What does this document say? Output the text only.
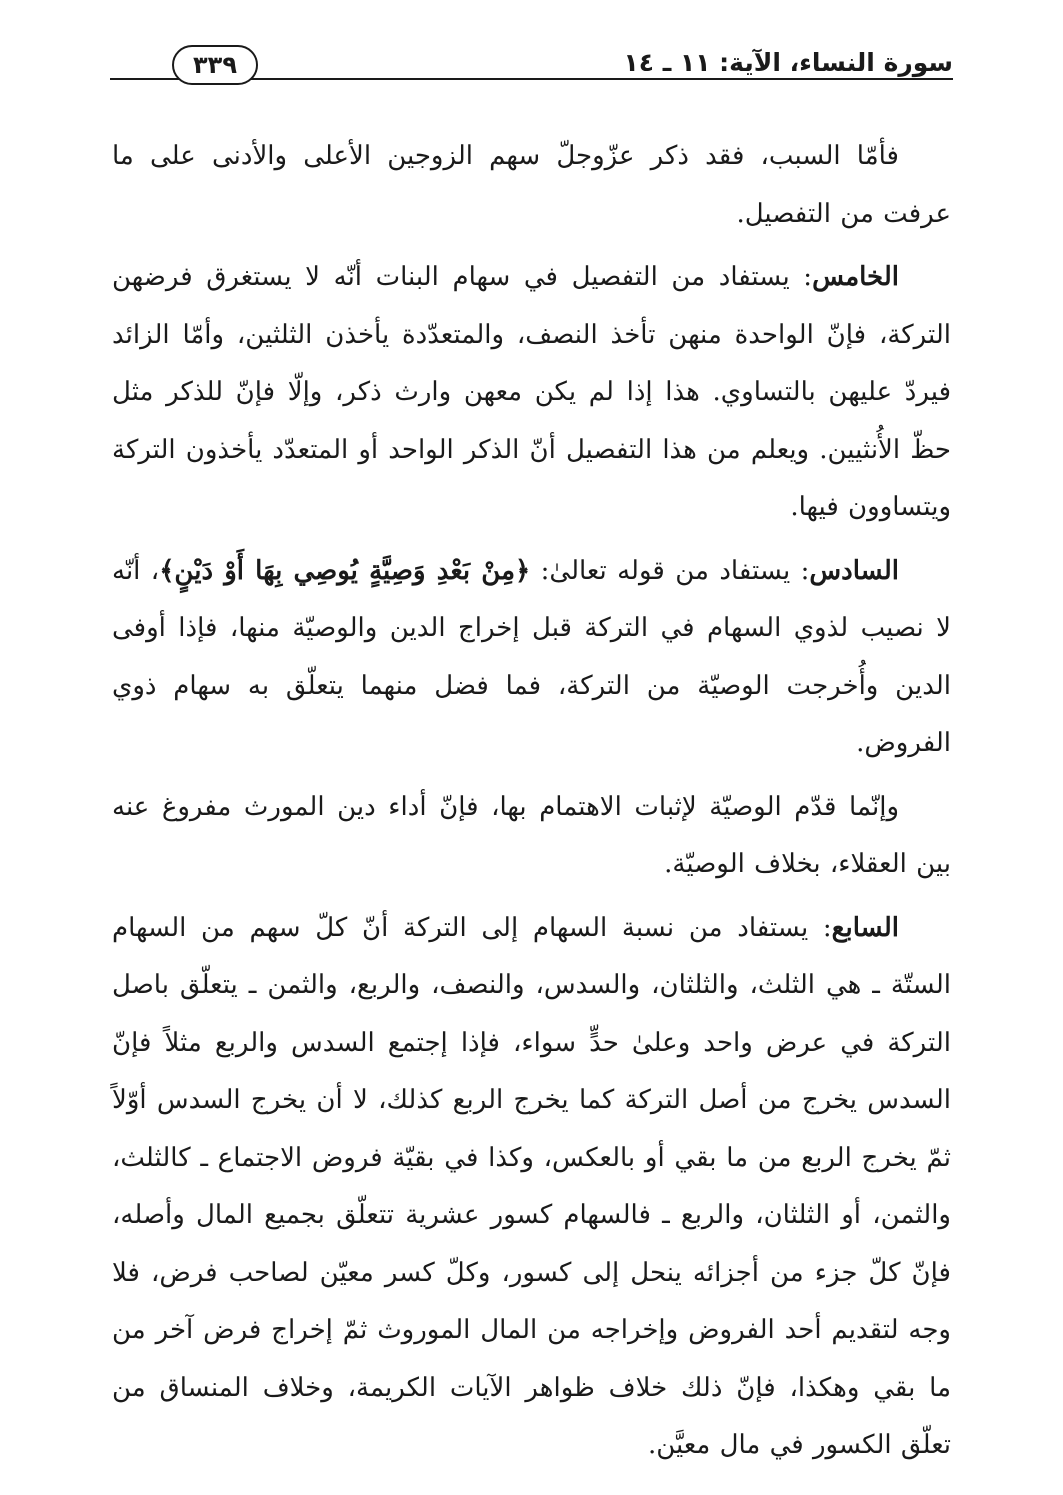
سورة النساء، الآية: ١١ ـ ١٤
٣٣٩

فأمّا السبب، فقد ذكر عزّوجلّ سهم الزوجين الأعلى والأدنى على ما عرفت من التفصيل.

الخامس: يستفاد من التفصيل في سهام البنات أنّه لا يستغرق فرضهن التركة، فإنّ الواحدة منهن تأخذ النصف، والمتعدّدة يأخذن الثلثين، وأمّا الزائد فيردّ عليهن بالتساوي. هذا إذا لم يكن معهن وارث ذكر، وإلّا فإنّ للذكر مثل حظّ الأُنثيين. ويعلم من هذا التفصيل أنّ الذكر الواحد أو المتعدّد يأخذون التركة ويتساوون فيها.

السادس: يستفاد من قوله تعالىٰ: ﴿مِنْ بَعْدِ وَصِيَّةٍ يُوصِي بِهَا أَوْ دَيْنٍ﴾، أنّه لا نصيب لذوي السهام في التركة قبل إخراج الدين والوصيّة منها، فإذا أوفى الدين وأُخرجت الوصيّة من التركة، فما فضل منهما يتعلّق به سهام ذوي الفروض.

وإنّما قدّم الوصيّة لإثبات الاهتمام بها، فإنّ أداء دين المورث مفروغ عنه بين العقلاء، بخلاف الوصيّة.

السابع: يستفاد من نسبة السهام إلى التركة أنّ كلّ سهم من السهام الستّة ـ هي الثلث، والثلثان، والسدس، والنصف، والربع، والثمن ـ يتعلّق باصل التركة في عرض واحد وعلىٰ حدٍّ سواء، فإذا إجتمع السدس والربع مثلاً فإنّ السدس يخرج من أصل التركة كما يخرج الربع كذلك، لا أن يخرج السدس أوّلاً ثمّ يخرج الربع من ما بقي أو بالعكس، وكذا في بقيّة فروض الاجتماع ـ كالثلث، والثمن، أو الثلثان، والربع ـ فالسهام كسور عشرية تتعلّق بجميع المال وأصله، فإنّ كلّ جزء من أجزائه ينحل إلى كسور، وكلّ كسر معيّن لصاحب فرض، فلا وجه لتقديم أحد الفروض وإخراجه من المال الموروث ثمّ إخراج فرض آخر من ما بقي وهكذا، فإنّ ذلك خلاف ظواهر الآيات الكريمة، وخلاف المنساق من تعلّق الكسور في مال معيَّن.
